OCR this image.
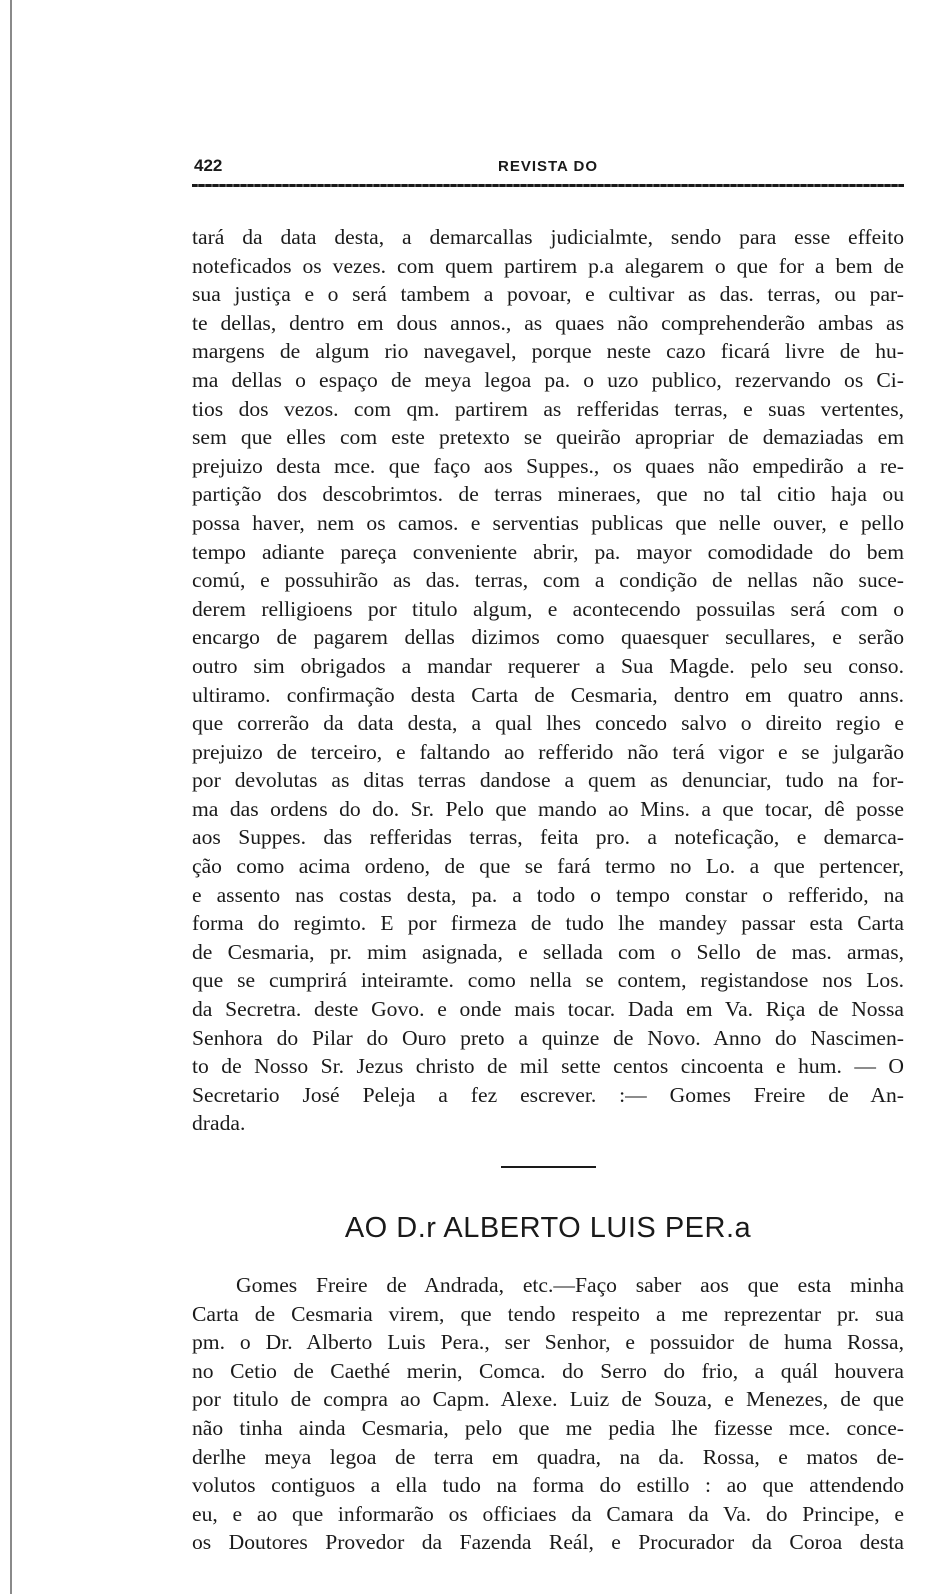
422	REVISTA DO
tará da data desta, a demarcallas judicialmte, sendo para esse effeito
noteficados os vezes. com quem partirem p.a alegarem o que for a bem de
sua justiça e o será tambem a povoar, e cultivar as das. terras, ou par-
te dellas, dentro em dous annos., as quaes não comprehenderão ambas as
margens de algum rio navegavel, porque neste cazo ficará livre de hu-
ma dellas o espaço de meya legoa pa. o uzo publico, rezervando os Ci-
tios dos vezos. com qm. partirem as refferidas terras, e suas vertentes,
sem que elles com este pretexto se queirão apropriar de demaziadas em
prejuizo desta mce. que faço aos Suppes., os quaes não empedirão a re-
partição dos descobrimtos. de terras mineraes, que no tal citio haja ou
possa haver, nem os camos. e serventias publicas que nelle ouver, e pello
tempo adiante pareça conveniente abrir, pa. mayor comodidade do bem
comú, e possuhirão as das. terras, com a condição de nellas não suce-
derem relligioens por titulo algum, e acontecendo possuilas será com o
encargo de pagarem dellas dizimos como quaesquer secullares, e serão
outro sim obrigados a mandar requerer a Sua Magde. pelo seu conso.
ultiramo. confirmação desta Carta de Cesmaria, dentro em quatro anns.
que correrão da data desta, a qual lhes concedo salvo o direito regio e
prejuizo de terceiro, e faltando ao refferido não terá vigor e se julgarão
por devolutas as ditas terras dandose a quem as denunciar, tudo na for-
ma das ordens do do. Sr. Pelo que mando ao Mins. a que tocar, dê posse
aos Suppes. das refferidas terras, feita pro. a noteficação, e demarca-
ção como acima ordeno, de que se fará termo no Lo. a que pertencer,
e assento nas costas desta, pa. a todo o tempo constar o refferido, na
forma do regimto. E por firmeza de tudo lhe mandey passar esta Carta
de Cesmaria, pr. mim asignada, e sellada com o Sello de mas. armas,
que se cumprirá inteiramte. como nella se contem, registandose nos Los.
da Secretra. deste Govo. e onde mais tocar. Dada em Va. Riça de Nossa
Senhora do Pilar do Ouro preto a quinze de Novo. Anno do Nascimen-
to de Nosso Sr. Jezus christo de mil sette centos cincoenta e hum. — O
Secretario José Peleja a fez escrever. :— Gomes Freire de An-
drada.
AO D.r ALBERTO LUIS PER.a
Gomes Freire de Andrada, etc.—Faço saber aos que esta minha
Carta de Cesmaria virem, que tendo respeito a me reprezentar pr. sua
pm. o Dr. Alberto Luis Pera., ser Senhor, e possuidor de huma Rossa,
no Cetio de Caethé merin, Comca. do Serro do frio, a quál houvera
por titulo de compra ao Capm. Alexe. Luiz de Souza, e Menezes, de que
não tinha ainda Cesmaria, pelo que me pedia lhe fizesse mce. conce-
derlhe meya legoa de terra em quadra, na da. Rossa, e matos de-
volutos contiguos a ella tudo na forma do estillo : ao que attendendo
eu, e ao que informarão os officiaes da Camara da Va. do Principe, e
os Doutores Provedor da Fazenda Reál, e Procurador da Coroa desta
